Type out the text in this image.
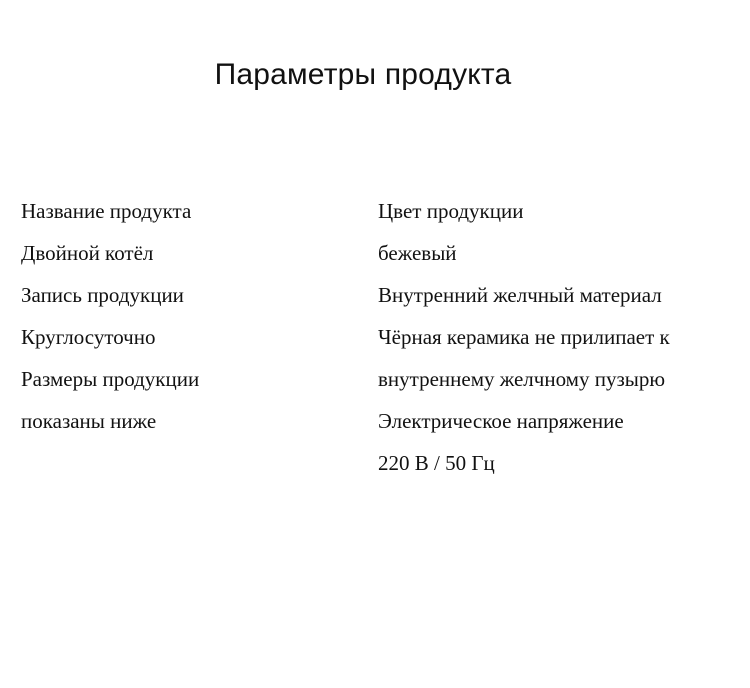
Параметры продукта
Название продукта
Двойной котёл
Запись продукции
Круглосуточно
Размеры продукции
показаны ниже
Цвет продукции
бежевый
Внутренний желчный материал
Чёрная керамика не прилипает к
внутреннему желчному пузырю
Электрическое напряжение
220 В / 50 Гц
